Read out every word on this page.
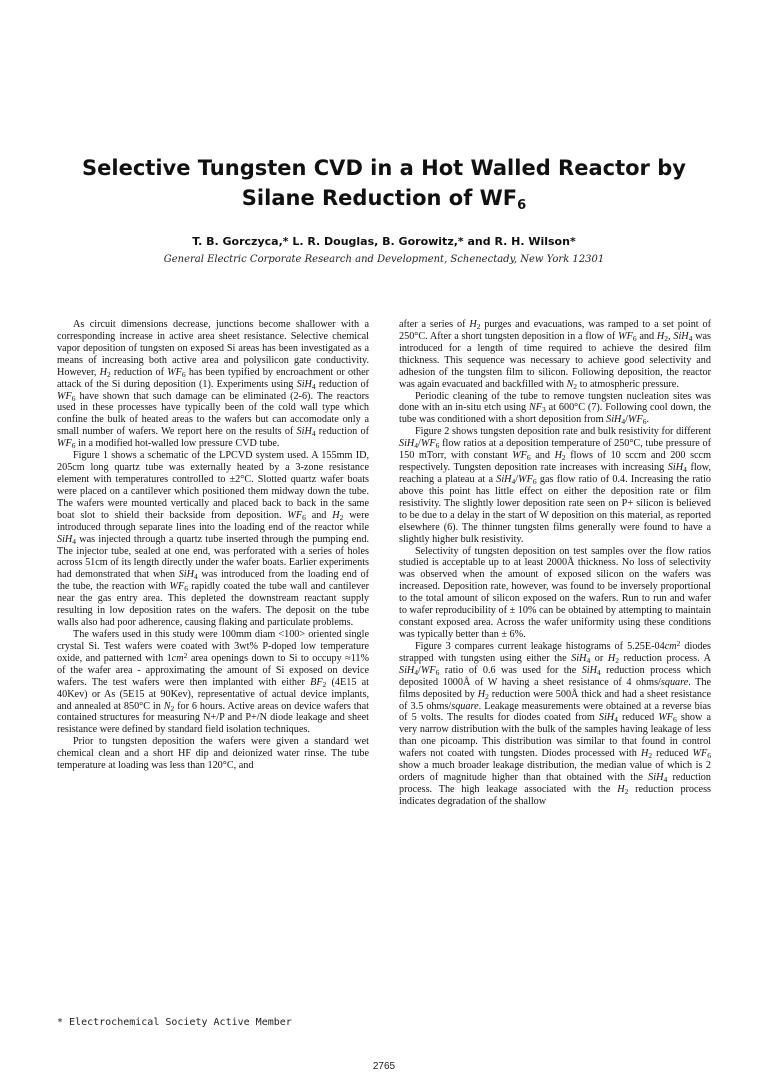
Selective Tungsten CVD in a Hot Walled Reactor by Silane Reduction of $WF_6$
T. B. Gorczyca,* L. R. Douglas, B. Gorowitz,* and R. H. Wilson*
General Electric Corporate Research and Development, Schenectady, New York 12301

As circuit dimensions decrease, junctions become shallower with a corresponding increase in active area sheet resistance. Selective chemical vapor deposition of tungsten on exposed Si areas has been investigated as a means of increasing both active area and polysilicon gate conductivity. However, $H_2$ reduction of $WF_6$ has been typified by encroachment or other attack of the Si during deposition (1). Experiments using SiH$_4$ reduction of $WF_6$ have shown that such damage can be eliminated (2-6). The reactors used in these processes have typically been of the cold wall type which confine the bulk of heated areas to the wafers but can accomodate only a small number of wafers. We report here on the results of SiH$_4$ reduction of $WF_6$ in a modified hot-walled low pressure CVD tube.

Figure 1 shows a schematic of the LPCVD system used. A 155mm ID, 205cm long quartz tube was externally heated by a 3-zone resistance element with temperatures controlled to ±2°C. Slotted quartz wafer boats were placed on a cantilever which positioned them midway down the tube. The wafers were mounted vertically and placed back to back in the same boat slot to shield their backside from deposition. $WF_6$ and $H_2$ were introduced through separate lines into the loading end of the reactor while SiH$_4$ was injected through a quartz tube inserted through the pumping end. The injector tube, sealed at one end, was perforated with a series of holes across 51cm of its length directly under the wafer boats. Earlier experiments had demonstrated that when SiH$_4$ was introduced from the loading end of the tube, the reaction with $WF_6$ rapidly coated the tube wall and cantilever near the gas entry area. This depleted the downstream reactant supply resulting in low deposition rates on the wafers. The deposit on the tube walls also had poor adherence, causing flaking and particulate problems.

The wafers used in this study were 100mm diam <100> oriented single crystal Si. Test wafers were coated with 3wt% P-doped low temperature oxide, and patterned with $1cm^2$ area openings down to Si to occupy ≈11% of the wafer area - approximating the amount of Si exposed on device wafers. The test wafers were then implanted with either $BF_2$ (4E15 at 40Kev) or As (5E15 at 90Kev), representative of actual device implants, and annealed at 850°C in $N_2$ for 6 hours. Active areas on device wafers that contained structures for measuring N+/P and P+/N diode leakage and sheet resistance were defined by standard field isolation techniques.

Prior to tungsten deposition the wafers were given a standard wet chemical clean and a short HF dip and deionized water rinse. The tube temperature at loading was less than 120°C, and

after a series of $H_2$ purges and evacuations, was ramped to a set point of 250°C. After a short tungsten deposition in a flow of $WF_6$ and $H_2$, SiH$_4$ was introduced for a length of time required to achieve the desired film thickness. This sequence was necessary to achieve good selectivity and adhesion of the tungsten film to silicon. Following deposition, the reactor was again evacuated and backfilled with $N_2$ to atmospheric pressure.

Periodic cleaning of the tube to remove tungsten nucleation sites was done with an in-situ etch using $NF_3$ at 600°C (7). Following cool down, the tube was conditioned with a short deposition from $SiH_4/WF_6$.

Figure 2 shows tungsten deposition rate and bulk resistivity for different $SiH_4/WF_6$ flow ratios at a deposition temperature of 250°C, tube pressure of 150 mTorr, with constant $WF_6$ and $H_2$ flows of 10 sccm and 200 sccm respectively. Tungsten deposition rate increases with increasing SiH$_4$ flow, reaching a plateau at a $SiH_4/WF_6$ gas flow ratio of 0.4. Increasing the ratio above this point has little effect on either the deposition rate or film resistivity. The slightly lower deposition rate seen on P+ silicon is believed to be due to a delay in the start of W deposition on this material, as reported elsewhere (6). The thinner tungsten films generally were found to have a slightly higher bulk resistivity.

Selectivity of tungsten deposition on test samples over the flow ratios studied is acceptable up to at least 2000Å thickness. No loss of selectivity was observed when the amount of exposed silicon on the wafers was increased. Deposition rate, however, was found to be inversely proportional to the total amount of silicon exposed on the wafers. Run to run and wafer to wafer reproducibility of ± 10% can be obtained by attempting to maintain constant exposed area. Across the wafer uniformity using these conditions was typically better than ± 6%.

Figure 3 compares current leakage histograms of $5.25E-04cm^2$ diodes strapped with tungsten using either the SiH$_4$ or $H_2$ reduction process. A $SiH_4/WF_6$ ratio of 0.6 was used for the SiH$_4$ reduction process which deposited 1000Å of W having a sheet resistance of 4 ohms/square. The films deposited by $H_2$ reduction were 500Å thick and had a sheet resistance of 3.5 ohms/square. Leakage measurements were obtained at a reverse bias of 5 volts. The results for diodes coated from SiH$_4$ reduced $WF_6$ show a very narrow distribution with the bulk of the samples having leakage of less than one picoamp. This distribution was similar to that found in control wafers not coated with tungsten. Diodes processed with $H_2$ reduced $WF_6$ show a much broader leakage distribution, the median value of which is 2 orders of magnitude higher than that obtained with the SiH$_4$ reduction process. The high leakage associated with the $H_2$ reduction process indicates degradation of the shallow

* Electrochemical Society Active Member
2765
